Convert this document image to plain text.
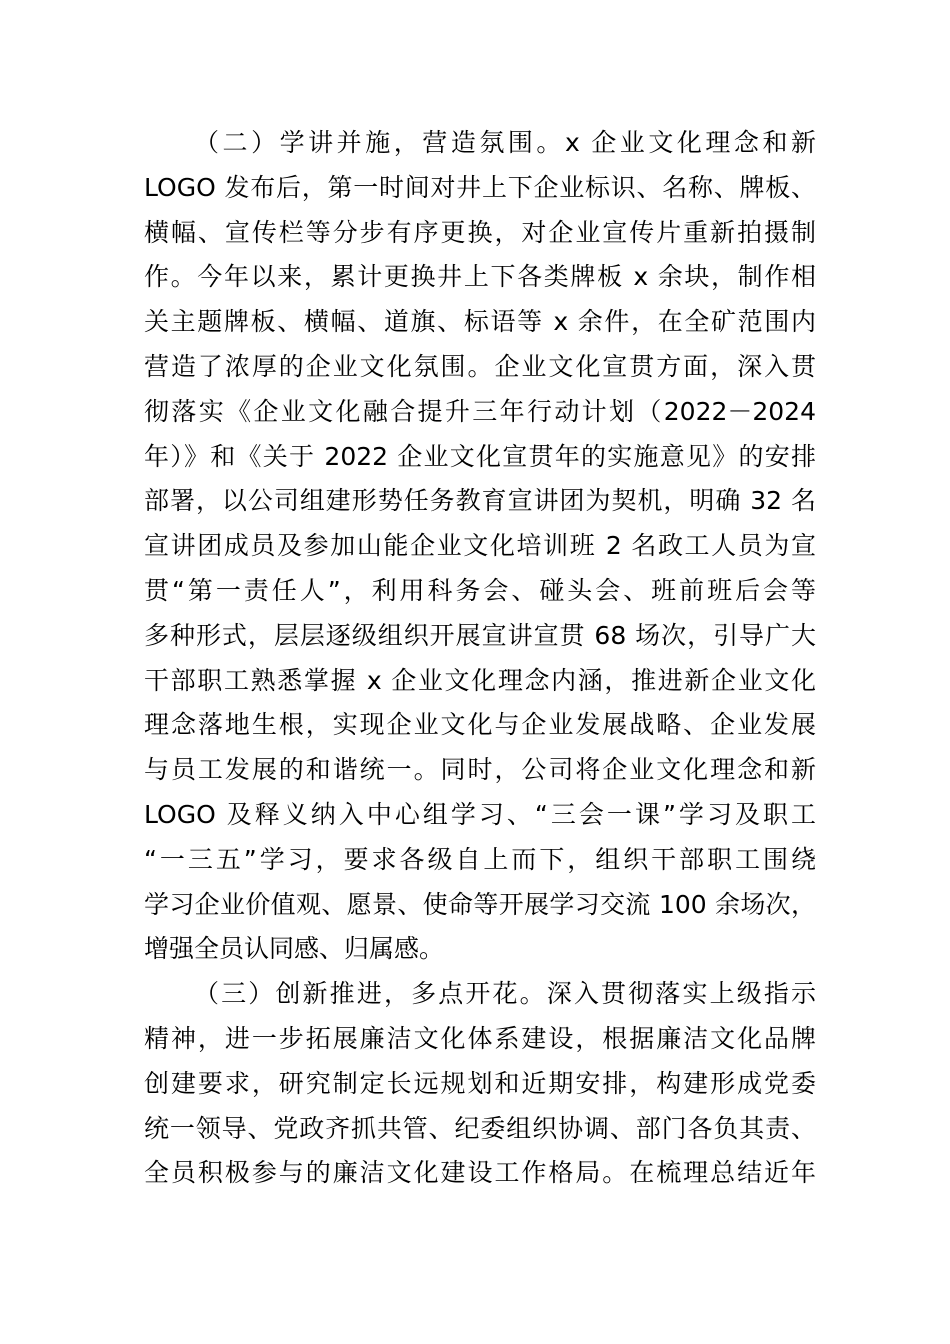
（二）学讲并施，营造氛围。x 企业文化理念和新
LOGO 发布后，第一时间对井上下企业标识、名称、牌板、
横幅、宣传栏等分步有序更换，对企业宣传片重新拍摄制
作。今年以来，累计更换井上下各类牌板 x 余块，制作相
关主题牌板、横幅、道旗、标语等 x 余件，在全矿范围内
营造了浓厚的企业文化氛围。企业文化宣贯方面，深入贯
彻落实《企业文化融合提升三年行动计划（2022－2024
年）》和《关于 2022 企业文化宣贯年的实施意见》的安排
部署，以公司组建形势任务教育宣讲团为契机，明确 32 名
宣讲团成员及参加山能企业文化培训班 2 名政工人员为宣
贯“第一责任人”，利用科务会、碰头会、班前班后会等
多种形式，层层逐级组织开展宣讲宣贯 68 场次，引导广大
干部职工熟悉掌握 x 企业文化理念内涵，推进新企业文化
理念落地生根，实现企业文化与企业发展战略、企业发展
与员工发展的和谐统一。同时，公司将企业文化理念和新
LOGO 及释义纳入中心组学习、“三会一课”学习及职工
“一三五”学习，要求各级自上而下，组织干部职工围绕
学习企业价值观、愿景、使命等开展学习交流 100 余场次，
增强全员认同感、归属感。
（三）创新推进，多点开花。深入贯彻落实上级指示
精神，进一步拓展廉洁文化体系建设，根据廉洁文化品牌
创建要求，研究制定长远规划和近期安排，构建形成党委
统一领导、党政齐抓共管、纪委组织协调、部门各负其责、
全员积极参与的廉洁文化建设工作格局。在梳理总结近年
